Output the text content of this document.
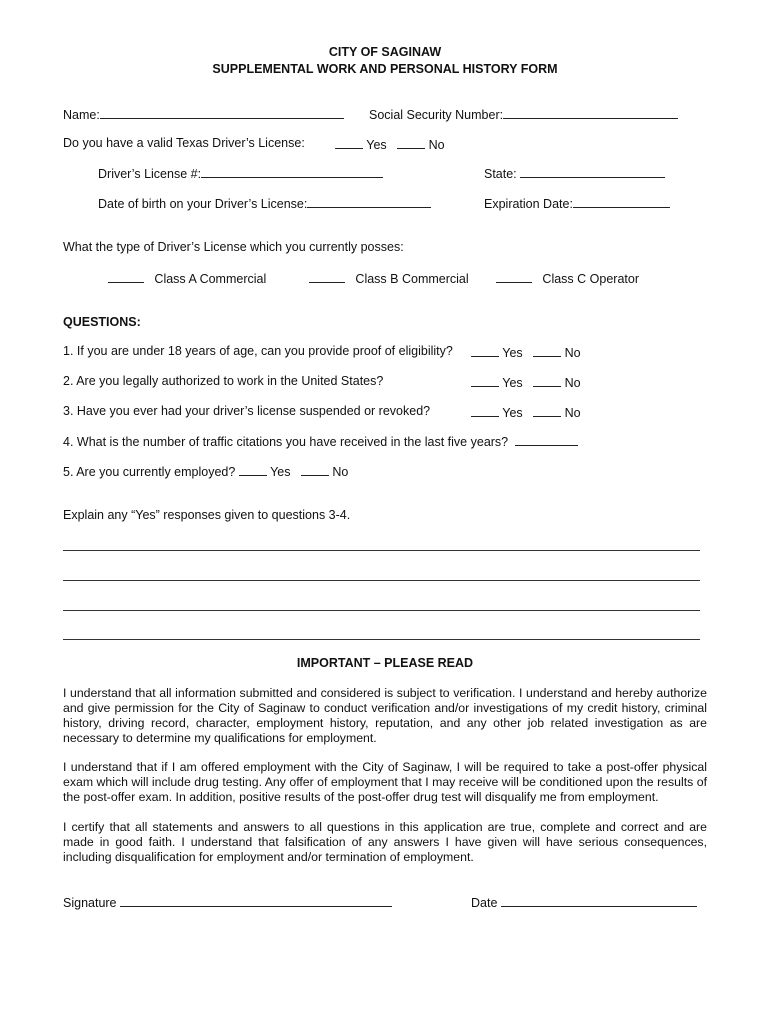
CITY OF SAGINAW
SUPPLEMENTAL WORK AND PERSONAL HISTORY FORM
Name:	Social Security Number:
Do you have a valid Texas Driver’s License:	Yes	No
Driver’s License #:	State:
Date of birth on your Driver’s License:	Expiration Date:
What the type of Driver’s License which you currently posses:
Class A Commercial	Class B Commercial	Class C Operator
QUESTIONS:
1. If you are under 18 years of age, can you provide proof of eligibility?	Yes	No
2. Are you legally authorized to work in the United States?	Yes	No
3. Have you ever had your driver’s license suspended or revoked?	Yes	No
4. What is the number of traffic citations you have received in the last five years?
5. Are you currently employed?	Yes	No
Explain any “Yes” responses given to questions 3-4.
IMPORTANT – PLEASE READ
I understand that all information submitted and considered is subject to verification. I understand and hereby authorize and give permission for the City of Saginaw to conduct verification and/or investigations of my credit history, criminal history, driving record, character, employment history, reputation, and any other job related investigation as are necessary to determine my qualifications for employment.
I understand that if I am offered employment with the City of Saginaw, I will be required to take a post-offer physical exam which will include drug testing. Any offer of employment that I may receive will be conditioned upon the results of the post-offer exam. In addition, positive results of the post-offer drug test will disqualify me from employment.
I certify that all statements and answers to all questions in this application are true, complete and correct and are made in good faith. I understand that falsification of any answers I have given will have serious consequences, including disqualification for employment and/or termination of employment.
Signature	Date
